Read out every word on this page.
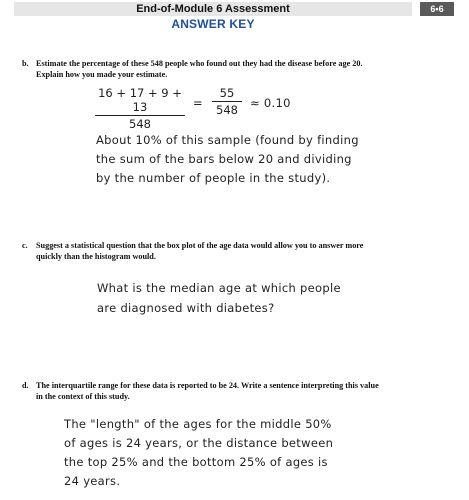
End-of-Module 6 Assessment	6•6
ANSWER KEY
b. Estimate the percentage of these 548 people who found out they had the disease before age 20.
Explain how you made your estimate.
16 + 17 + 9 + 13
548
=
55
548	≈ 0.10
About 10% of this sample (found by finding
the sum of the bars below 20 and dividing
by the number of people in the study).
c. Suggest a statistical question that the box plot of the age data would allow you to answer more
quickly than the histogram would.
What is the median age at which people
are diagnosed with diabetes?
d. The interquartile range for these data is reported to be 24. Write a sentence interpreting this value
in the context of this study.
The "length" of the ages for the middle 50%
of ages is 24 years, or the distance between
the top 25% and the bottom 25% of ages is
24 years.
